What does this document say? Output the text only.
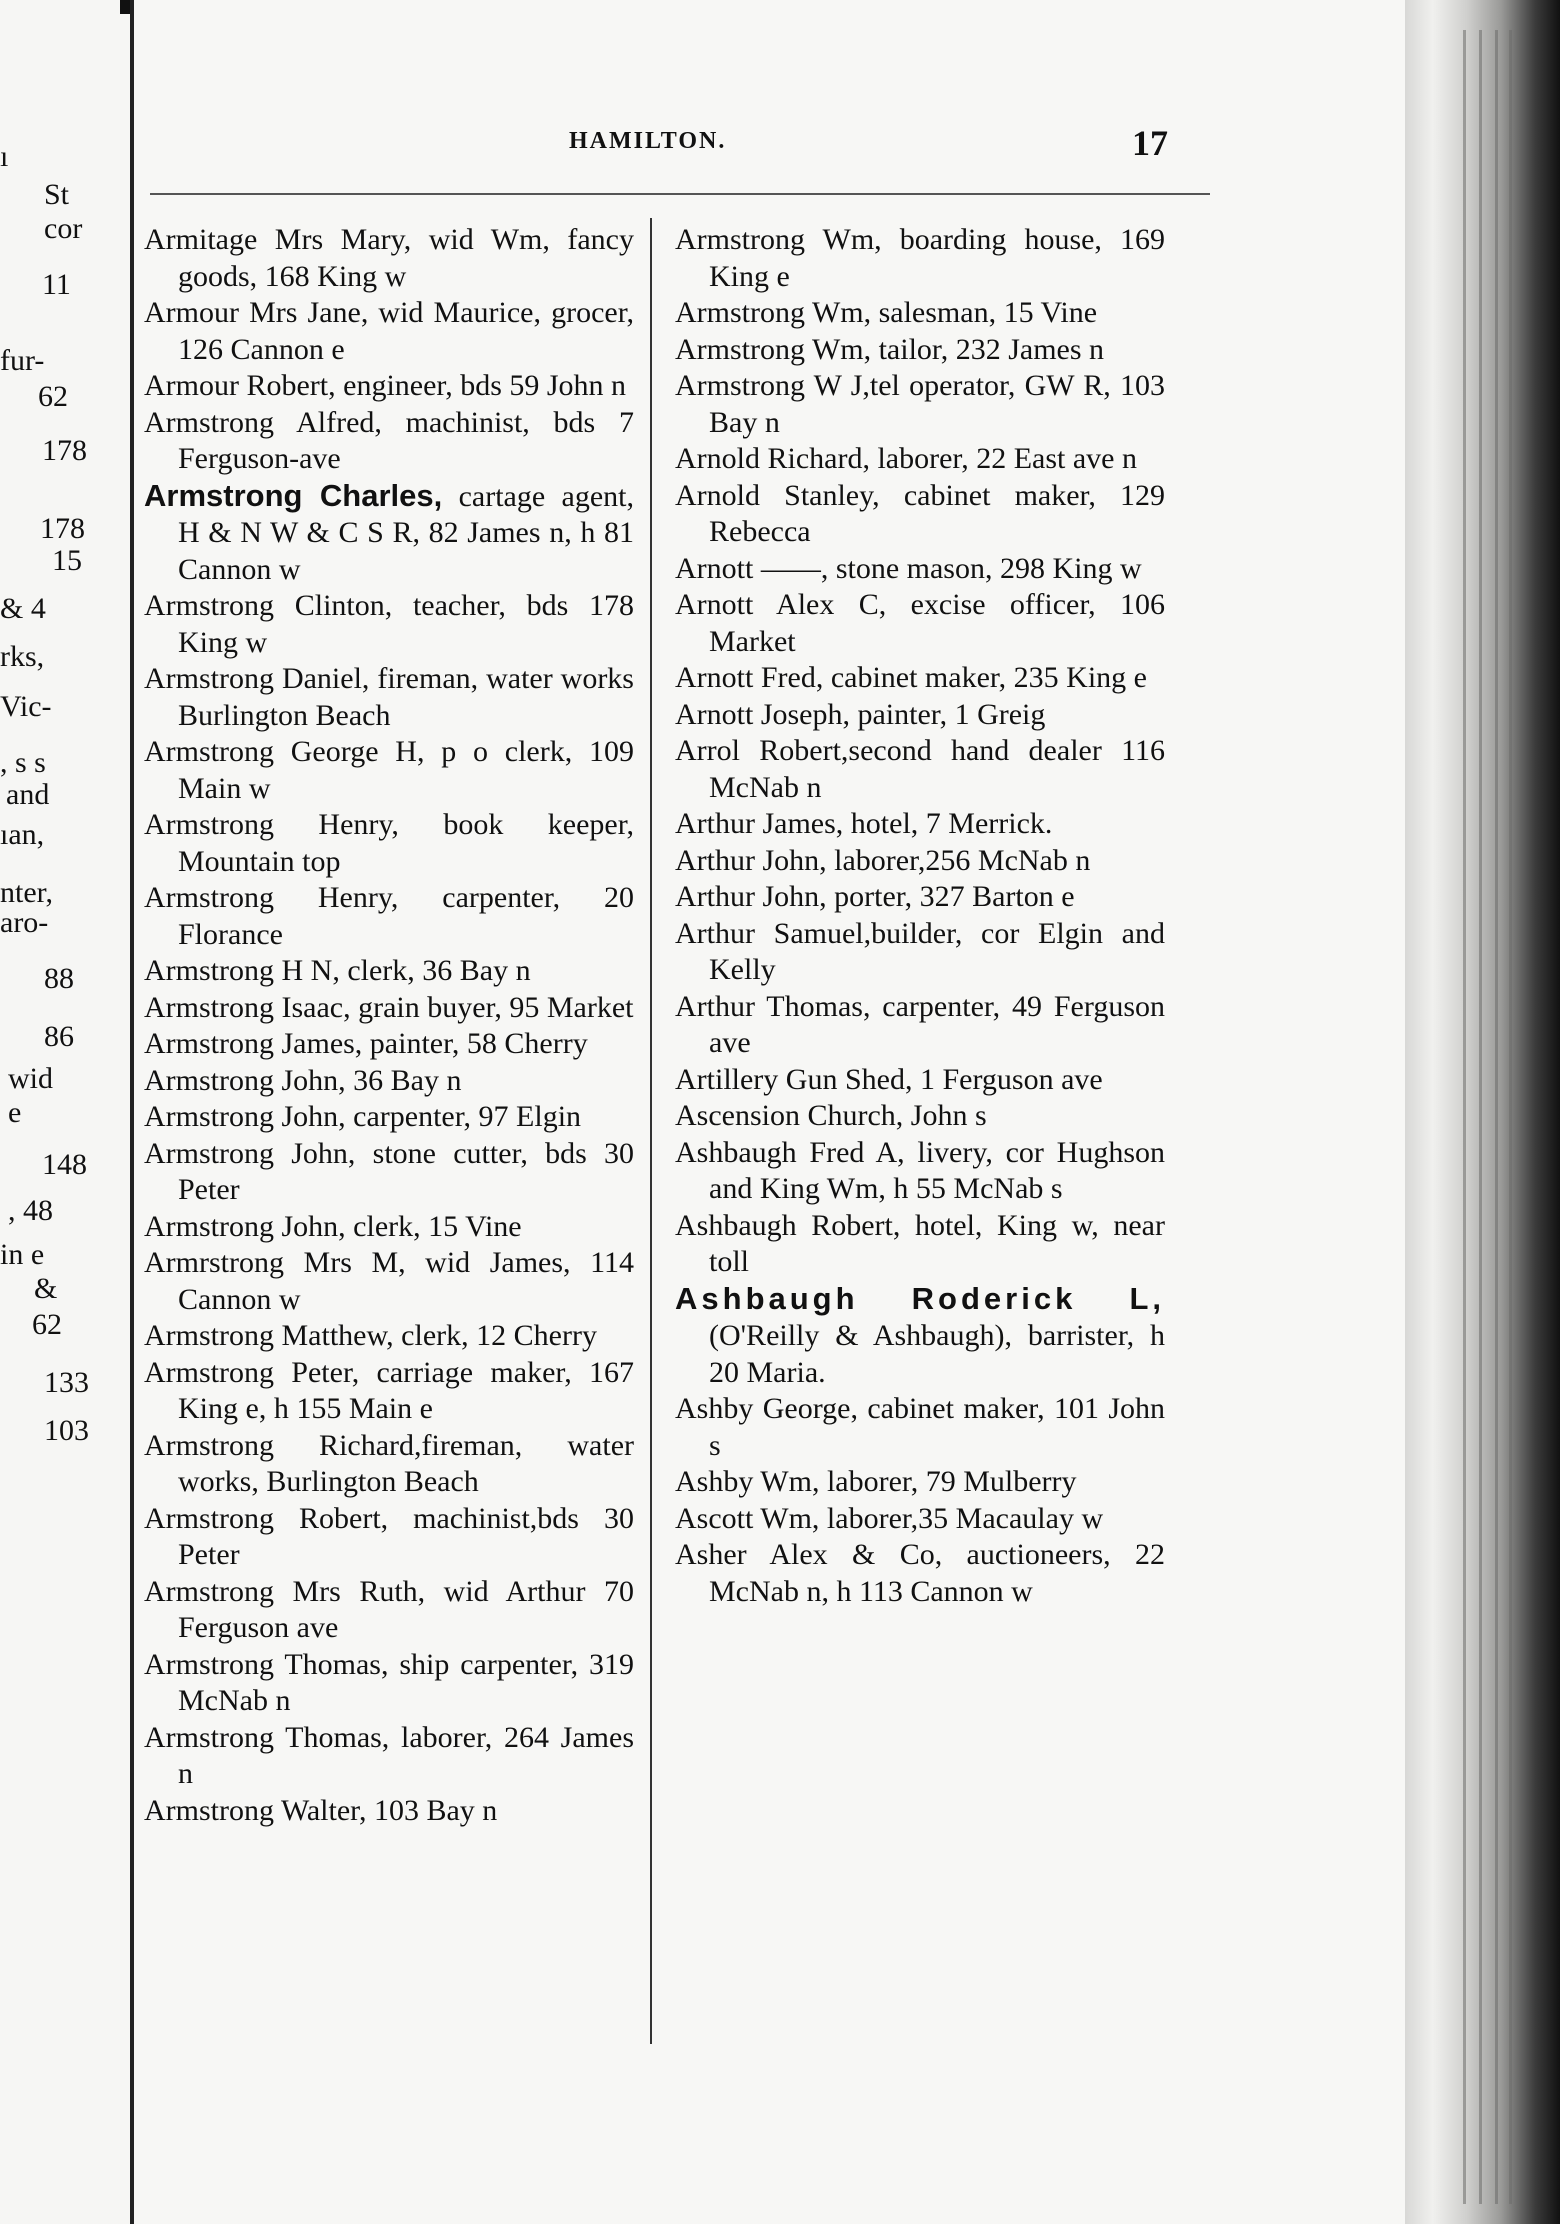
ı
St
cor
11
fur-
62
178
178
15
& 4
rks,
Vic-
, s s
and
ıan,
nter,
aro-
88
86
wid
e
148
, 48
in e
&
62
133
103
HAMILTON.	17

Armitage Mrs Mary, wid Wm, fancy goods, 168 King w

Armour Mrs Jane, wid Maurice, grocer, 126 Cannon e

Armour Robert, engineer, bds 59 John n

Armstrong Alfred, machinist, bds 7 Ferguson-ave

Armstrong Charles, cartage agent, H & N W & C S R, 82 James n, h 81 Cannon w

Armstrong Clinton, teacher, bds 178 King w

Armstrong Daniel, fireman, water works Burlington Beach

Armstrong George H, p o clerk, 109 Main w

Armstrong Henry, book keeper, Mountain top

Armstrong Henry, carpenter, 20 Florance

Armstrong H N, clerk, 36 Bay n

Armstrong Isaac, grain buyer, 95 Market

Armstrong James, painter, 58 Cherry

Armstrong John, 36 Bay n

Armstrong John, carpenter, 97 Elgin

Armstrong John, stone cutter, bds 30 Peter

Armstrong John, clerk, 15 Vine

Armrstrong Mrs M, wid James, 114 Cannon w

Armstrong Matthew, clerk, 12 Cherry

Armstrong Peter, carriage maker, 167 King e, h 155 Main e

Armstrong Richard,fireman, water works, Burlington Beach

Armstrong Robert, machinist,bds 30 Peter

Armstrong Mrs Ruth, wid Arthur 70 Ferguson ave

Armstrong Thomas, ship carpenter, 319 McNab n

Armstrong Thomas, laborer, 264 James n

Armstrong Walter, 103 Bay n

Armstrong Wm, boarding house, 169 King e

Armstrong Wm, salesman, 15 Vine

Armstrong Wm, tailor, 232 James n

Armstrong W J,tel operator, GW R, 103 Bay n

Arnold Richard, laborer, 22 East ave n

Arnold Stanley, cabinet maker, 129 Rebecca

Arnott ——, stone mason, 298 King w

Arnott Alex C, excise officer, 106 Market

Arnott Fred, cabinet maker, 235 King e

Arnott Joseph, painter, 1 Greig

Arrol Robert,second hand dealer 116 McNab n

Arthur James, hotel, 7 Merrick.

Arthur John, laborer,256 McNab n

Arthur John, porter, 327 Barton e

Arthur Samuel,builder, cor Elgin and Kelly

Arthur Thomas, carpenter, 49 Ferguson ave

Artillery Gun Shed, 1 Ferguson ave

Ascension Church, John s

Ashbaugh Fred A, livery, cor Hughson and King Wm, h 55 McNab s

Ashbaugh Robert, hotel, King w, near toll

Ashbaugh Roderick L, (O'Reilly & Ashbaugh), barrister, h 20 Maria.

Ashby George, cabinet maker, 101 John s

Ashby Wm, laborer, 79 Mulberry

Ascott Wm, laborer,35 Macaulay w

Asher Alex & Co, auctioneers, 22 McNab n, h 113 Cannon w
